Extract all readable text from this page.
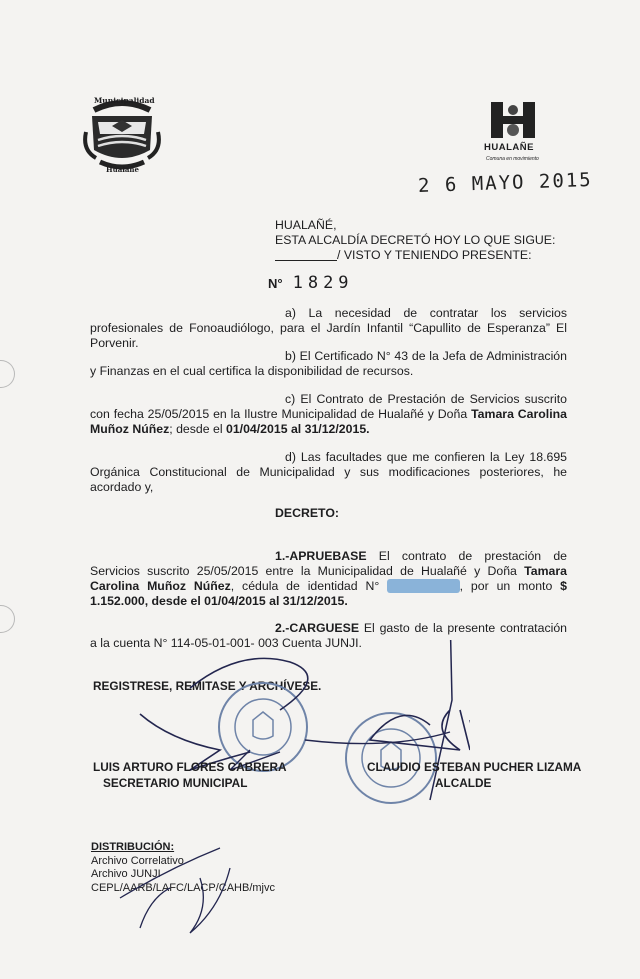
Municipalidad
Hualañé
HUALAÑE
Comuna en movimiento
2 6 MAYO 2015
HUALAÑÉ,
ESTA ALCALDÍA DECRETÓ HOY LO QUE SIGUE:
/ VISTO Y TENIENDO PRESENTE:
N° 1829
a) La necesidad de contratar los servicios profesionales de Fonoaudiólogo, para el Jardín Infantil “Capullito de Esperanza” El Porvenir.
b) El Certificado N° 43 de la Jefa de Administración y Finanzas en el cual certifica la disponibilidad de recursos.
c) El Contrato de Prestación de Servicios suscrito con fecha 25/05/2015 en la Ilustre Municipalidad de Hualañé y Doña Tamara Carolina Muñoz Núñez; desde el 01/04/2015 al 31/12/2015.
d) Las facultades que me confieren la Ley 18.695 Orgánica Constitucional de Municipalidad y sus modificaciones posteriores, he acordado y,
DECRETO:
1.-APRUEBASE El contrato de prestación de Servicios suscrito 25/05/2015 entre la Municipalidad de Hualañé y Doña Tamara Carolina Muñoz Núñez, cédula de identidad N°	, por un monto $ 1.152.000, desde el 01/04/2015 al 31/12/2015.
2.-CARGUESE El gasto de la presente contratación a la cuenta N° 114-05-01-001- 003 Cuenta JUNJI.
REGISTRESE, REMITASE Y ARCHÍVESE.
LUIS ARTURO FLORES CABRERA
SECRETARIO MUNICIPAL
CLAUDIO ESTEBAN PUCHER LIZAMA
ALCALDE
DISTRIBUCIÓN:
Archivo Correlativo
Archivo JUNJI
CEPL/AARB/LAFC/LACP/CAHB/mjvc
